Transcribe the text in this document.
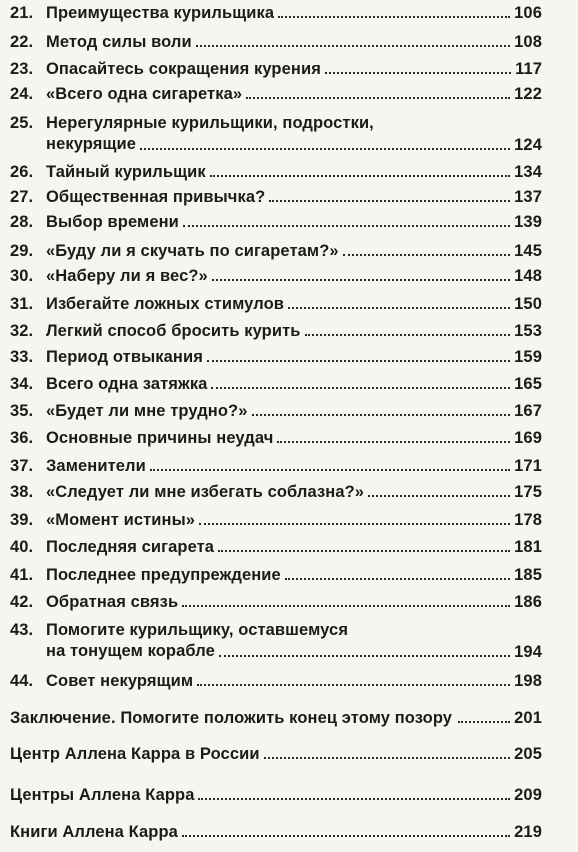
21. Преимущества курильщика	106
22. Метод силы воли	108
23. Опасайтесь сокращения курения	117
24. «Всего одна сигаретка»	122
25. Нерегулярные курильщики, подростки,
некурящие	124
26. Тайный курильщик	134
27. Общественная привычка?	137
28. Выбор времени	139
29. «Буду ли я скучать по сигаретам?»	145
30. «Наберу ли я вес?»	148
31. Избегайте ложных стимулов	150
32. Легкий способ бросить курить	153
33. Период отвыкания	159
34. Всего одна затяжка	165
35. «Будет ли мне трудно?»	167
36. Основные причины неудач	169
37. Заменители	171
38. «Следует ли мне избегать соблазна?»	175
39. «Момент истины»	178
40. Последняя сигарета	181
41. Последнее предупреждение	185
42. Обратная связь	186
43. Помогите курильщику, оставшемуся
на тонущем корабле	194
44. Совет некурящим	198
Заключение. Помогите положить конец этому позору	201
Центр Аллена Карра в России	205
Центры Аллена Карра	209
Книги Аллена Карра	219
